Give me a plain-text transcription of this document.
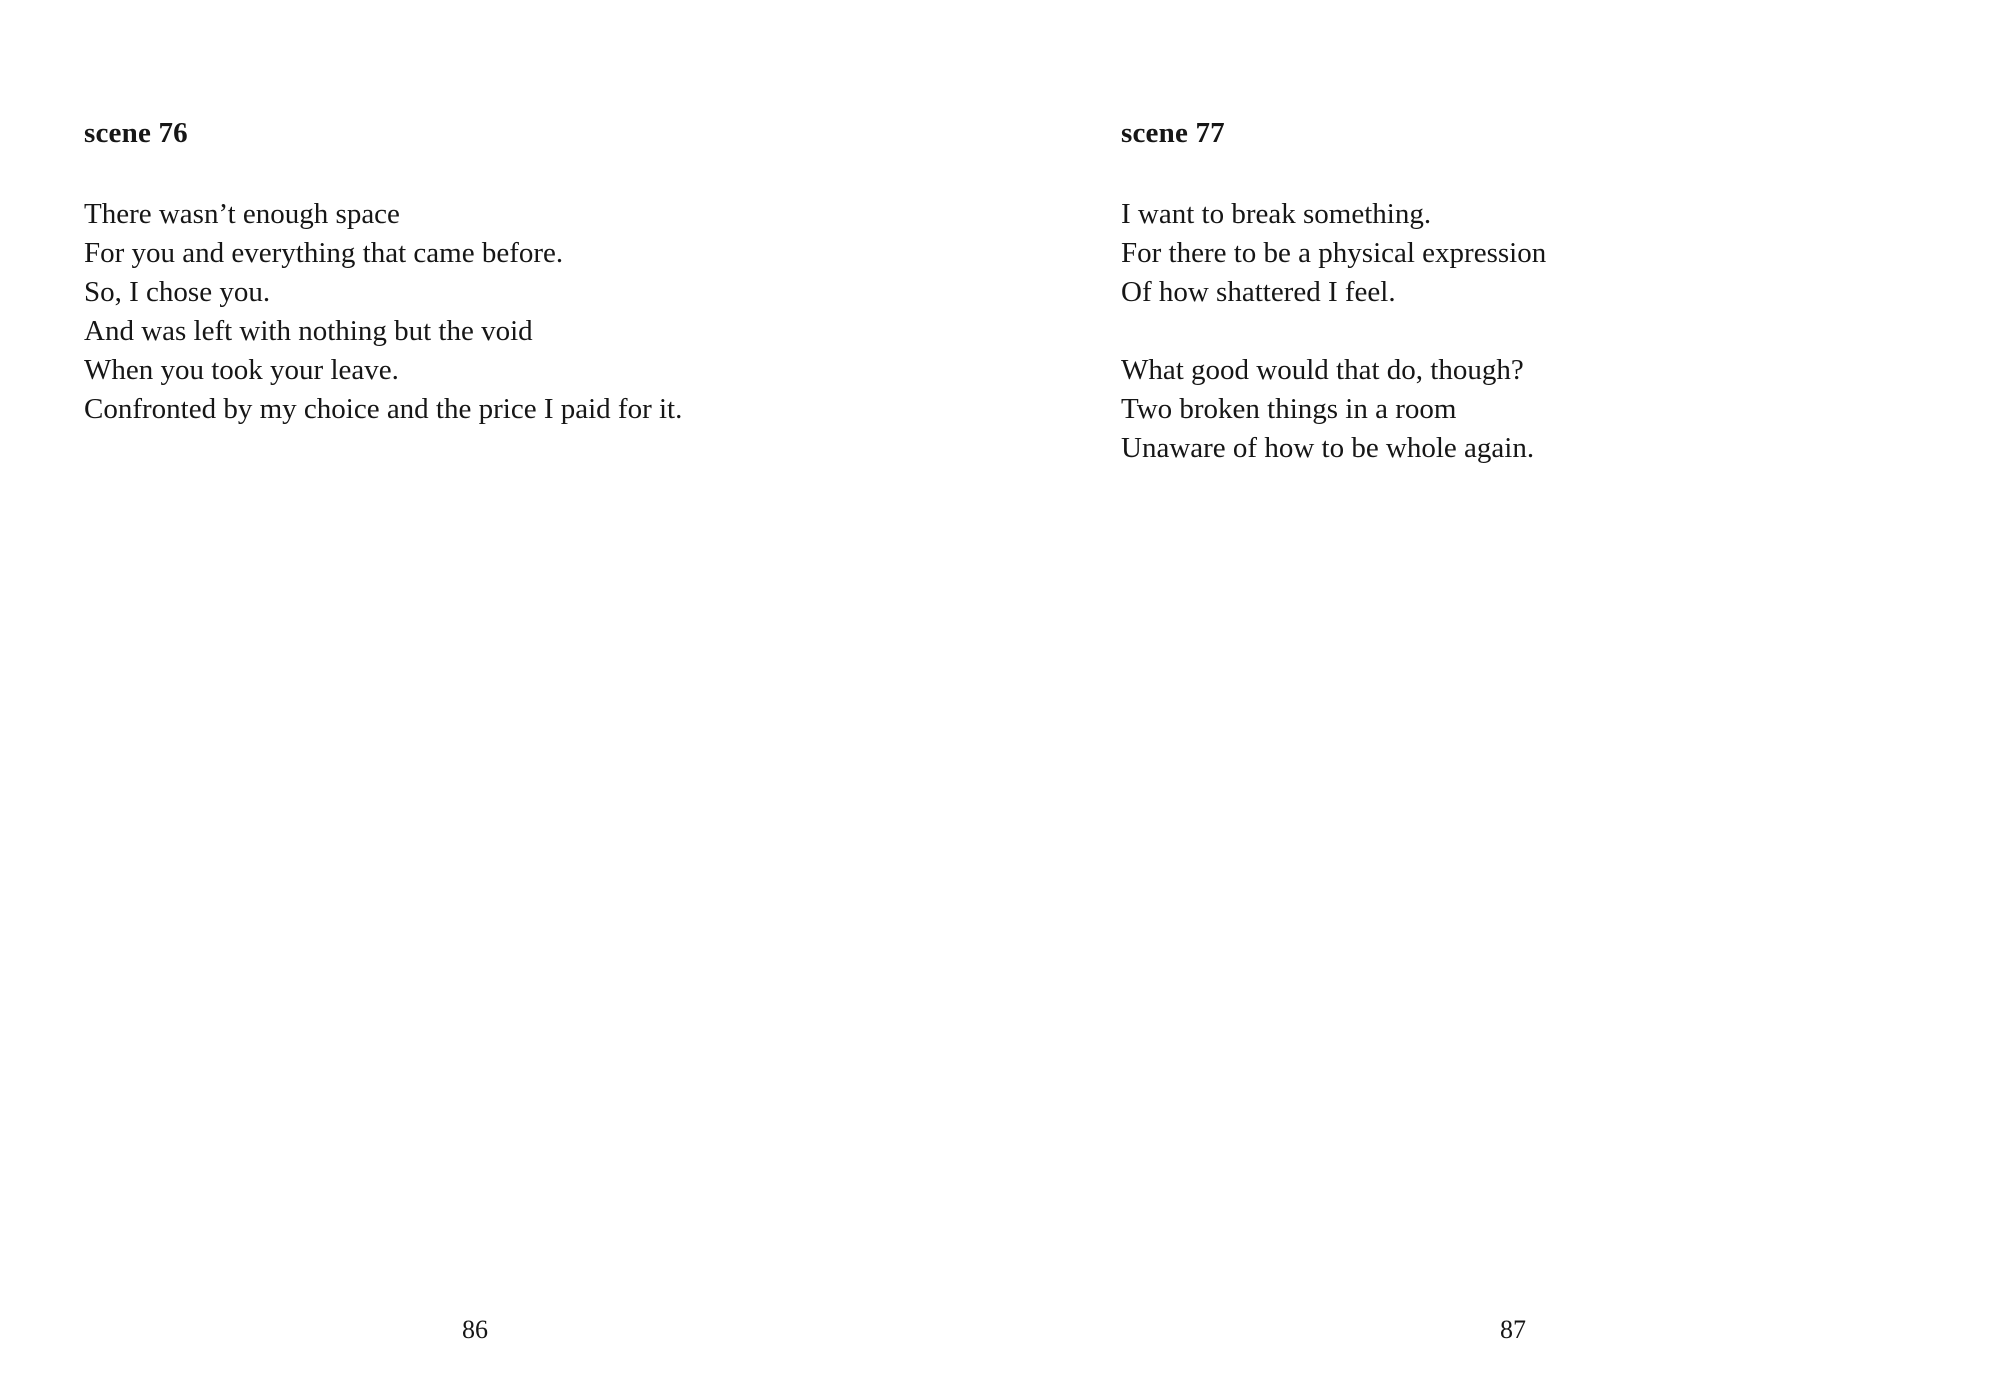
scene 76

There wasn’t enough space

For you and everything that came before.

So, I chose you.

And was left with nothing but the void

When you took your leave.

Confronted by my choice and the price I paid for it.

86
scene 77

I want to break something.

For there to be a physical expression

Of how shattered I feel.

What good would that do, though?

Two broken things in a room

Unaware of how to be whole again.

87
